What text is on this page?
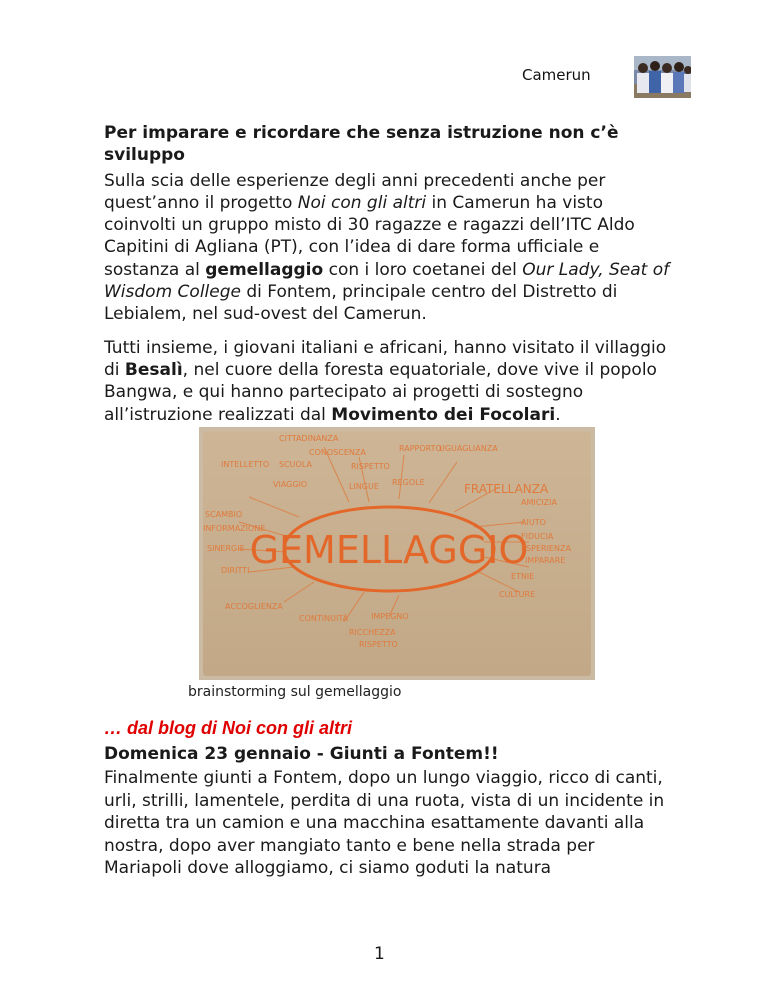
Camerun
Per imparare e ricordare che senza istruzione non c’è sviluppo

Sulla scia delle esperienze degli anni precedenti anche per quest’anno il progetto Noi con gli altri in Camerun ha visto coinvolti un gruppo misto di 30 ragazze e ragazzi dell’ITC Aldo Capitini di Agliana (PT), con l’idea di dare forma ufficiale e sostanza al gemellaggio con i loro coetanei del Our Lady, Seat of Wisdom College di Fontem, principale centro del Distretto di Lebialem, nel sud-ovest del Camerun.

Tutti insieme, i giovani italiani e africani, hanno visitato il villaggio di Besalì, nel cuore della foresta equatoriale, dove vive il popolo Bangwa, e qui hanno partecipato ai progetti di sostegno all’istruzione realizzati dal Movimento dei Focolari.

GEMELLAGGIO
CITTADINANZA
CONOSCENZA	RAPPORTO
UGUAGLIANZA
INTELLETTO SCUOLA	RISPETTO
VIAGGIO	LINGUE REGOLE	FRATELLANZA
AMICIZIA
SCAMBIO
INFORMAZIONE
AIUTO
FIDUCIA
SINERGIE	ESPERIENZA
IMPARARE
DIRITTI
ETNIE
CULTURE
ACCOGLIENZA
CONTINUITÀ	IMPEGNO
RICCHEZZA
RISPETTO
brainstorming sul gemellaggio
… dal blog di Noi con gli altri
Domenica 23 gennaio - Giunti a Fontem!!

Finalmente giunti a Fontem, dopo un lungo viaggio, ricco di canti, urli, strilli, lamentele, perdita di una ruota, vista di un incidente in diretta tra un camion e una macchina esattamente davanti alla nostra, dopo aver mangiato tanto e bene nella strada per Mariapoli dove alloggiamo, ci siamo goduti la natura

1
